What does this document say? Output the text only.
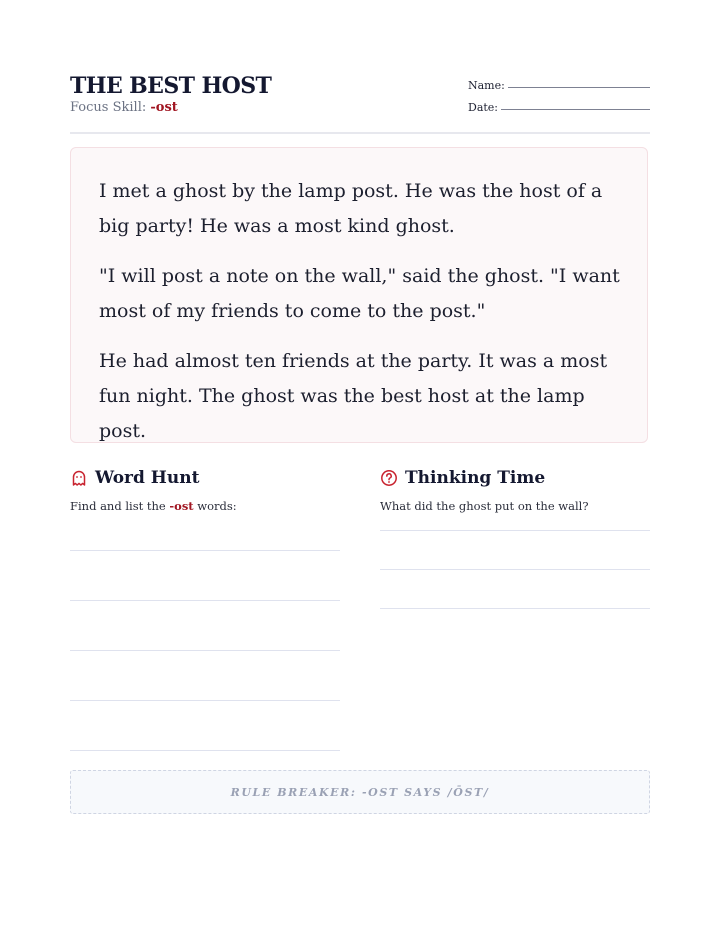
THE BEST HOST
Focus Skill: -ost
Name:
Date:

I met a ghost by the lamp post. He was the host of a big party! He was a most kind ghost.

"I will post a note on the wall," said the ghost. "I want most of my friends to come to the post."

He had almost ten friends at the party. It was a most fun night. The ghost was the best host at the lamp post.

Word Hunt
Find and list the -ost words:
Thinking Time
What did the ghost put on the wall?
RULE BREAKER: -OST SAYS /ŌST/
